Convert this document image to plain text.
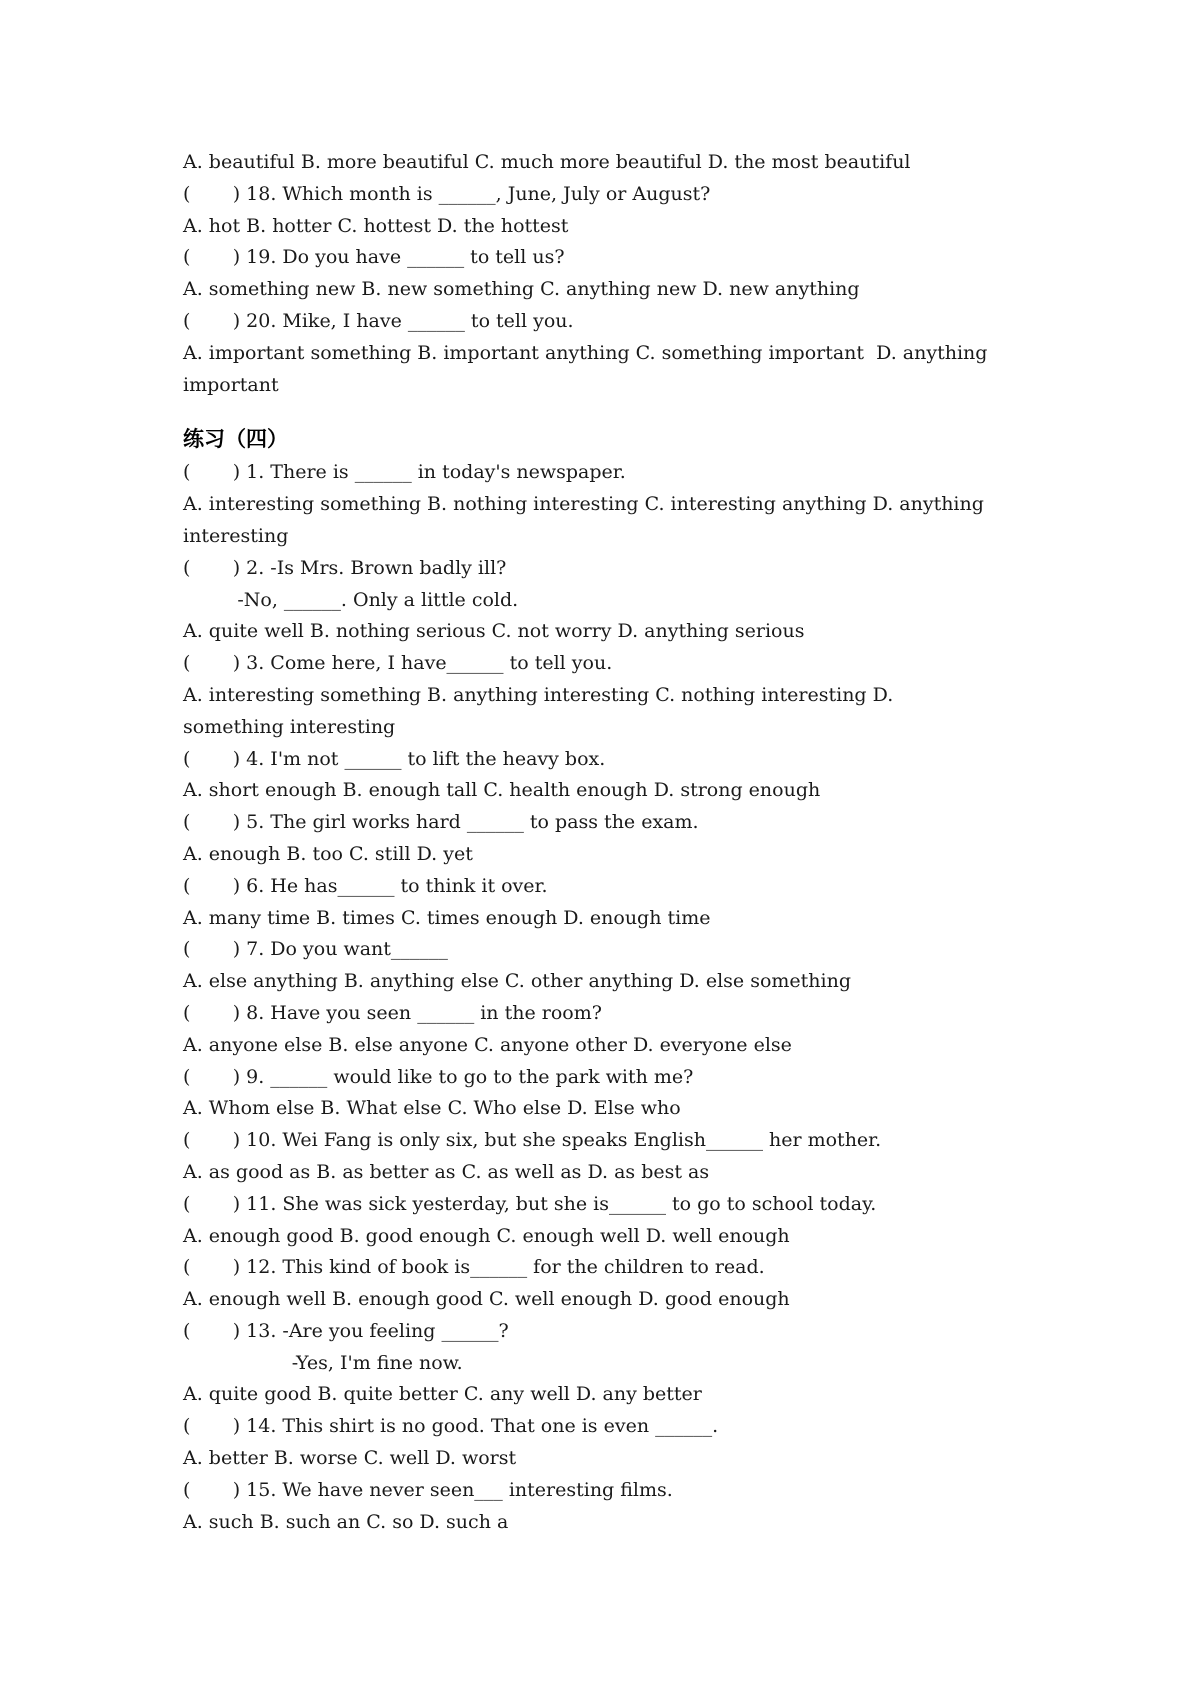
A. beautiful B. more beautiful C. much more beautiful D. the most beautiful
(       ) 18. Which month is ______, June, July or August?
A. hot B. hotter C. hottest D. the hottest
(       ) 19. Do you have ______ to tell us?
A. something new B. new something C. anything new D. new anything
(       ) 20. Mike, I have ______ to tell you.
A. important something B. important anything C. something important  D. anything
important
练习（四）
(       ) 1. There is ______ in today's newspaper.
A. interesting something B. nothing interesting C. interesting anything D. anything
interesting
(       ) 2. -Is Mrs. Brown badly ill?
-No, ______. Only a little cold.
A. quite well B. nothing serious C. not worry D. anything serious
(       ) 3. Come here, I have______ to tell you.
A. interesting something B. anything interesting C. nothing interesting D.
something interesting
(       ) 4. I'm not ______ to lift the heavy box.
A. short enough B. enough tall C. health enough D. strong enough
(       ) 5. The girl works hard ______ to pass the exam.
A. enough B. too C. still D. yet
(       ) 6. He has______ to think it over.
A. many time B. times C. times enough D. enough time
(       ) 7. Do you want______
A. else anything B. anything else C. other anything D. else something
(       ) 8. Have you seen ______ in the room?
A. anyone else B. else anyone C. anyone other D. everyone else
(       ) 9. ______ would like to go to the park with me?
A. Whom else B. What else C. Who else D. Else who
(       ) 10. Wei Fang is only six, but she speaks English______ her mother.
A. as good as B. as better as C. as well as D. as best as
(       ) 11. She was sick yesterday, but she is______ to go to school today.
A. enough good B. good enough C. enough well D. well enough
(       ) 12. This kind of book is______ for the children to read.
A. enough well B. enough good C. well enough D. good enough
(       ) 13. -Are you feeling ______?
-Yes, I'm fine now.
A. quite good B. quite better C. any well D. any better
(       ) 14. This shirt is no good. That one is even ______.
A. better B. worse C. well D. worst
(       ) 15. We have never seen___ interesting films.
A. such B. such an C. so D. such a
